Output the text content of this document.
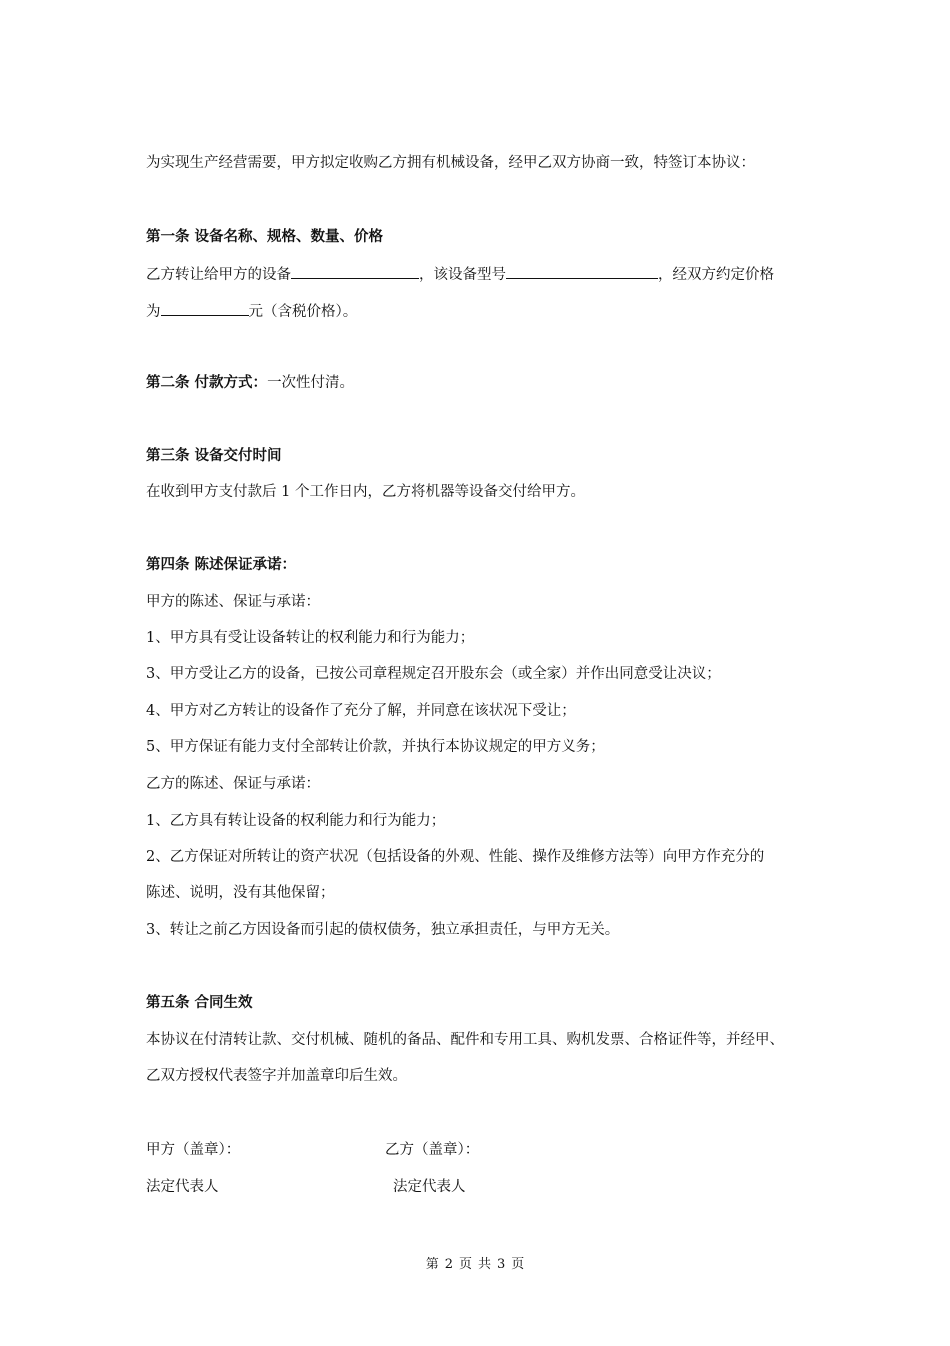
为实现生产经营需要，甲方拟定收购乙方拥有机械设备，经甲乙双方协商一致，特签订本协议：
第一条 设备名称、规格、数量、价格
乙方转让给甲方的设备	，该设备型号	，经双方约定价格
为	元（含税价格）。
第二条 付款方式：一次性付清。
第三条 设备交付时间
在收到甲方支付款后 1 个工作日内，乙方将机器等设备交付给甲方。
第四条 陈述保证承诺：
甲方的陈述、保证与承诺：
1、甲方具有受让设备转让的权利能力和行为能力；
3、甲方受让乙方的设备，已按公司章程规定召开股东会（或全家）并作出同意受让决议；
4、甲方对乙方转让的设备作了充分了解，并同意在该状况下受让；
5、甲方保证有能力支付全部转让价款，并执行本协议规定的甲方义务；
乙方的陈述、保证与承诺：
1、乙方具有转让设备的权利能力和行为能力；
2、乙方保证对所转让的资产状况（包括设备的外观、性能、操作及维修方法等）向甲方作充分的
陈述、说明，没有其他保留；
3、转让之前乙方因设备而引起的债权债务，独立承担责任，与甲方无关。
第五条 合同生效
本协议在付清转让款、交付机械、随机的备品、配件和专用工具、购机发票、合格证件等，并经甲、
乙双方授权代表签字并加盖章印后生效。
甲方（盖章）：	乙方（盖章）：
法定代表人	法定代表人
第 2 页 共 3 页
